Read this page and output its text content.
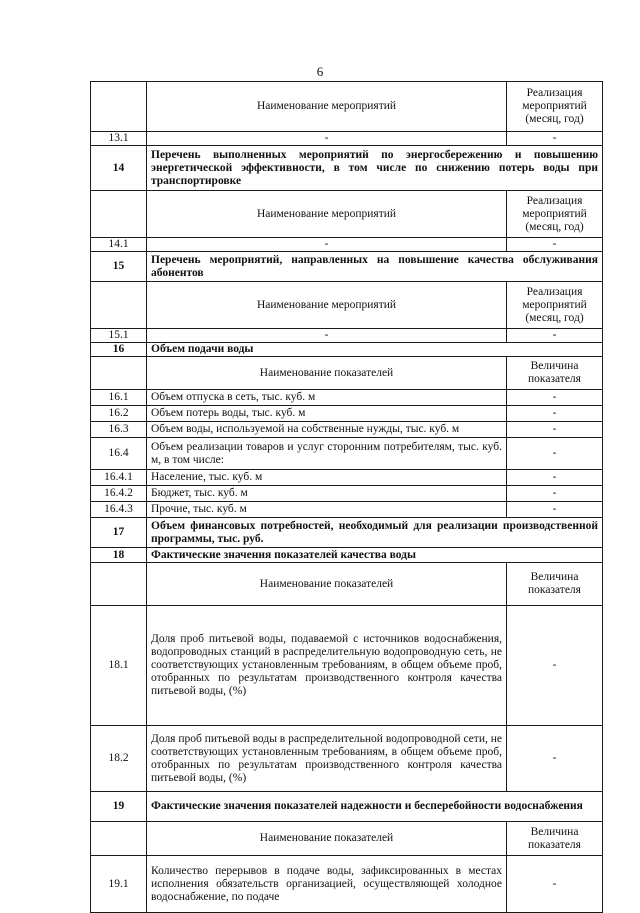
6
	Наименование мероприятий	Реализация мероприятий (месяц, год)
13.1	-	-
14	Перечень выполненных мероприятий по энергосбережению и повышению энергетической эффективности, в том числе по снижению потерь воды при транспортировке	
	Наименование мероприятий	Реализация мероприятий (месяц, год)
14.1	-	-
15	Перечень мероприятий, направленных на повышение качества обслуживания абонентов	
	Наименование мероприятий	Реализация мероприятий (месяц, год)
15.1	-	-
16	Объем подачи воды	
	Наименование показателей	Величина показателя
16.1	Объем отпуска в сеть, тыс. куб. м	-
16.2	Объем потерь воды, тыс. куб. м	-
16.3	Объем воды, используемой на собственные нужды, тыс. куб. м	-
16.4	Объем реализации товаров и услуг сторонним потребителям, тыс. куб. м, в том числе:	-
16.4.1	Население, тыс. куб. м	-
16.4.2	Бюджет, тыс. куб. м	-
16.4.3	Прочие, тыс. куб. м	-
17	Объем финансовых потребностей, необходимый для реализации производственной программы, тыс. руб.	
18	Фактические значения показателей качества воды	
	Наименование показателей	Величина показателя
18.1	Доля проб питьевой воды, подаваемой с источников водоснабжения, водопроводных станций в распределительную водопроводную сеть, не соответствующих установленным требованиям, в общем объеме проб, отобранных по результатам производственного контроля качества питьевой воды, (%)	-
18.2	Доля проб питьевой воды в распределительной водопроводной сети, не соответствующих установленным требованиям, в общем объеме проб, отобранных по результатам производственного контроля качества питьевой воды, (%)	-
19	Фактические значения показателей надежности и бесперебойности водоснабжения	
	Наименование показателей	Величина показателя
19.1	Количество перерывов в подаче воды, зафиксированных в местах исполнения обязательств организацией, осуществляющей холодное водоснабжение, по подаче	-
